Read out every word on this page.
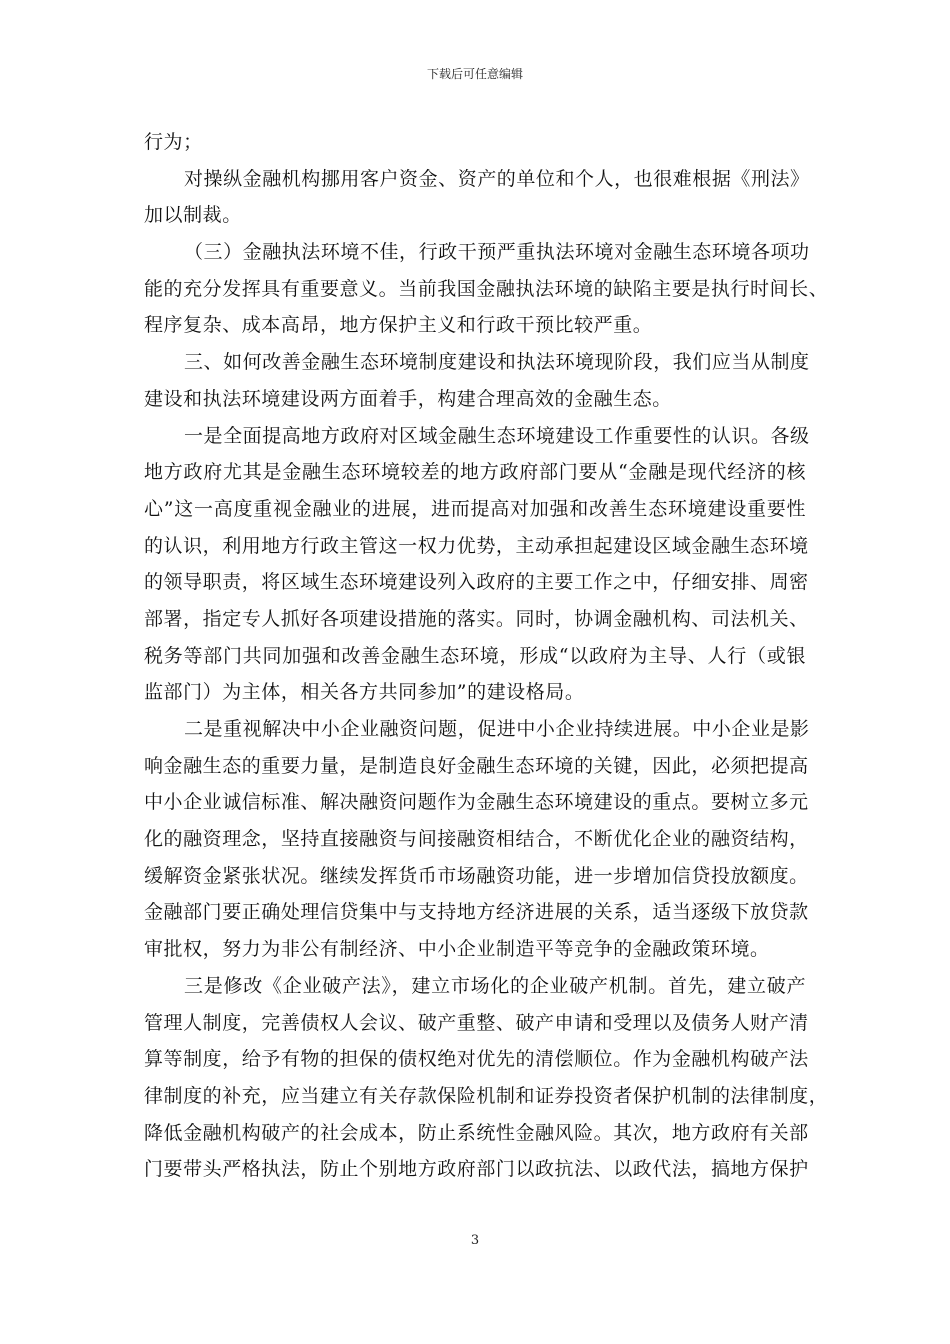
下载后可任意编辑
行为；
对操纵金融机构挪用客户资金、资产的单位和个人，也很难根据《刑法》
加以制裁。
（三）金融执法环境不佳，行政干预严重执法环境对金融生态环境各项功
能的充分发挥具有重要意义。当前我国金融执法环境的缺陷主要是执行时间长、
程序复杂、成本高昂，地方保护主义和行政干预比较严重。
三、如何改善金融生态环境制度建设和执法环境现阶段，我们应当从制度
建设和执法环境建设两方面着手，构建合理高效的金融生态。
一是全面提高地方政府对区域金融生态环境建设工作重要性的认识。各级
地方政府尤其是金融生态环境较差的地方政府部门要从“金融是现代经济的核
心”这一高度重视金融业的进展，进而提高对加强和改善生态环境建设重要性
的认识，利用地方行政主管这一权力优势，主动承担起建设区域金融生态环境
的领导职责，将区域生态环境建设列入政府的主要工作之中，仔细安排、周密
部署，指定专人抓好各项建设措施的落实。同时，协调金融机构、司法机关、
税务等部门共同加强和改善金融生态环境，形成“以政府为主导、人行（或银
监部门）为主体，相关各方共同参加”的建设格局。
二是重视解决中小企业融资问题，促进中小企业持续进展。中小企业是影
响金融生态的重要力量，是制造良好金融生态环境的关键，因此，必须把提高
中小企业诚信标准、解决融资问题作为金融生态环境建设的重点。要树立多元
化的融资理念，坚持直接融资与间接融资相结合，不断优化企业的融资结构，
缓解资金紧张状况。继续发挥货币市场融资功能，进一步增加信贷投放额度。
金融部门要正确处理信贷集中与支持地方经济进展的关系，适当逐级下放贷款
审批权，努力为非公有制经济、中小企业制造平等竞争的金融政策环境。
三是修改《企业破产法》，建立市场化的企业破产机制。首先，建立破产
管理人制度，完善债权人会议、破产重整、破产申请和受理以及债务人财产清
算等制度，给予有物的担保的债权绝对优先的清偿顺位。作为金融机构破产法
律制度的补充，应当建立有关存款保险机制和证券投资者保护机制的法律制度，
降低金融机构破产的社会成本，防止系统性金融风险。其次，地方政府有关部
门要带头严格执法，防止个别地方政府部门以政抗法、以政代法，搞地方保护
3
